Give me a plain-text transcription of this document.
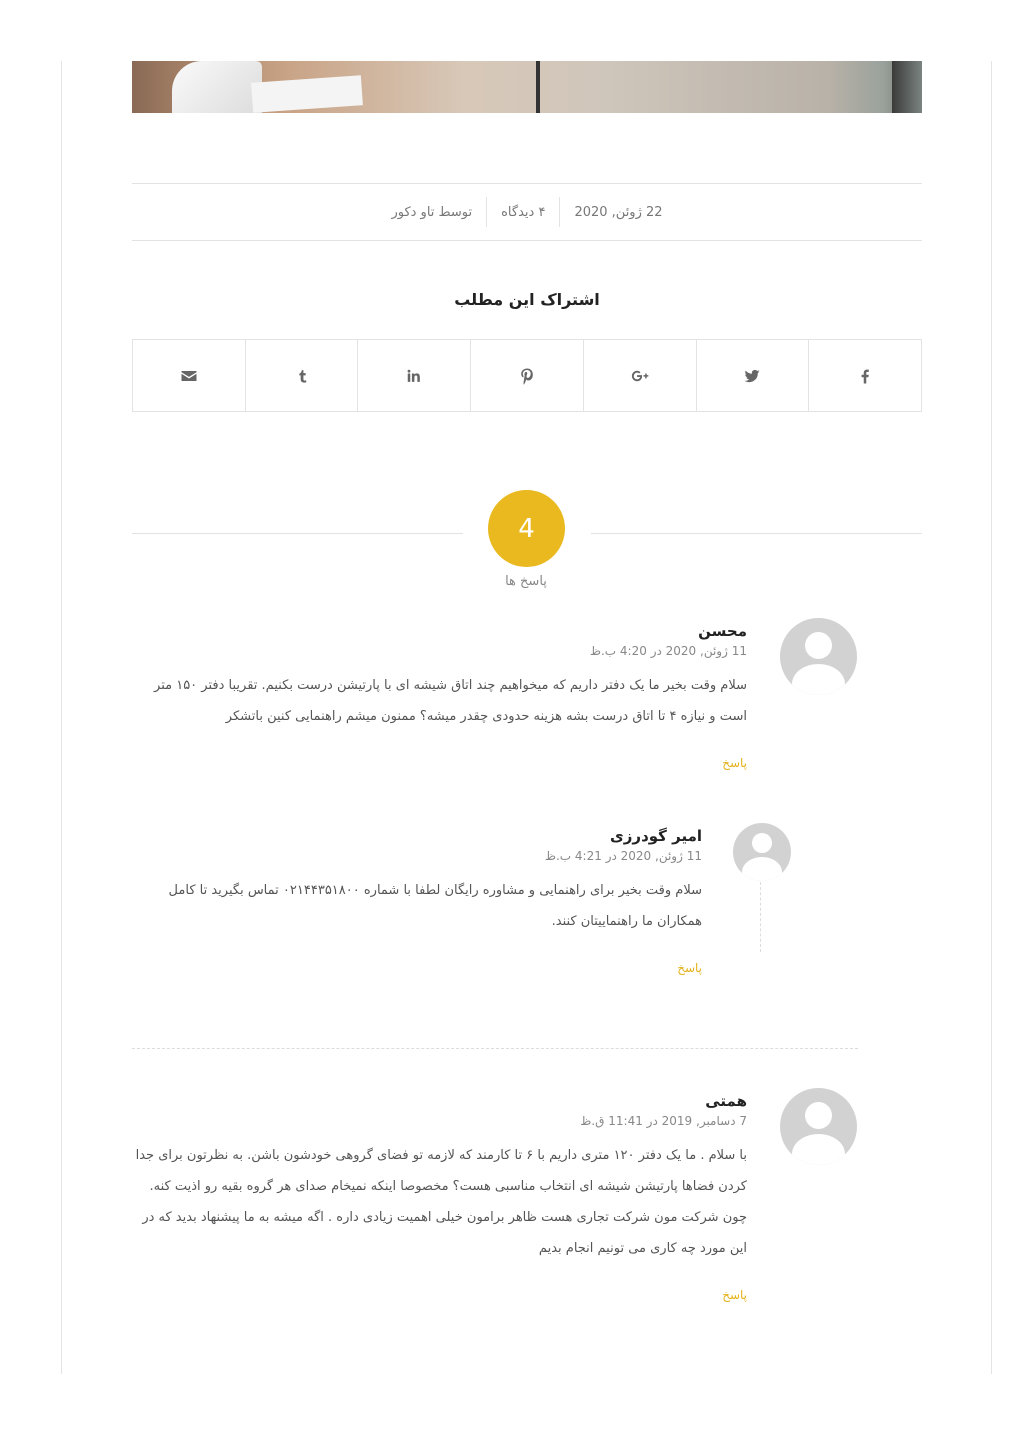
22 ژوئن, 2020
۴ دیدگاه
توسط تاو دکور
اشتراک این مطلب
4
پاسخ ها
محسن
11 ژوئن, 2020 در 4:20 ب.ظ
سلام وقت بخیر ما یک دفتر داریم که میخواهیم چند اتاق شیشه ای با پارتیشن درست بکنیم. تقریبا دفتر ۱۵۰ متر است و نیازه ۴ تا اتاق درست بشه هزینه حدودی چقدر میشه؟ ممنون میشم راهنمایی کنین باتشکر
پاسخ
امیر گودرزی
11 ژوئن, 2020 در 4:21 ب.ظ
سلام وقت بخیر برای راهنمایی و مشاوره رایگان لطفا با شماره ۰۲۱۴۴۳۵۱۸۰۰ تماس بگیرید تا کامل همکاران ما راهنماییتان کنند.
پاسخ
همتی
7 دسامبر, 2019 در 11:41 ق.ظ
با سلام . ما یک دفتر ۱۲۰ متری داریم با ۶ تا کارمند که لازمه تو فضای گروهی خودشون باشن. به نظرتون برای جدا کردن فضاها پارتیشن شیشه ای انتخاب مناسبی هست؟ مخصوصا اینکه نمیخام صدای هر گروه بقیه رو اذیت کنه.
چون شرکت مون شرکت تجاری هست ظاهر برامون خیلی اهمیت زیادی داره . اگه میشه به ما پیشنهاد بدید که در این مورد چه کاری می تونیم انجام بدیم
پاسخ
